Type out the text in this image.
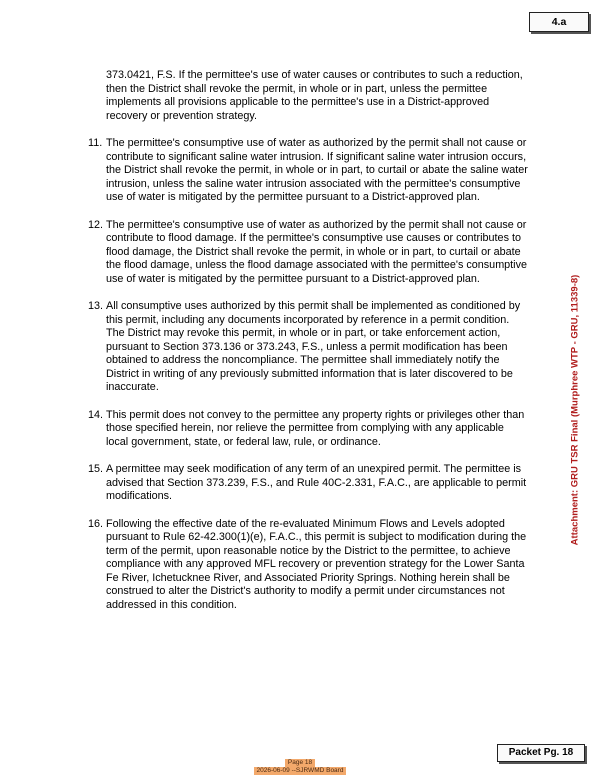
4.a

373.0421, F.S. If the permittee's use of water causes or contributes to such a reduction, then the District shall revoke the permit, in whole or in part, unless the permittee implements all provisions applicable to the permittee's use in a District-approved recovery or prevention strategy.

11. The permittee's consumptive use of water as authorized by the permit shall not cause or contribute to significant saline water intrusion. If significant saline water intrusion occurs, the District shall revoke the permit, in whole or in part, to curtail or abate the saline water intrusion, unless the saline water intrusion associated with the permittee's consumptive use of water is mitigated by the permittee pursuant to a District-approved plan.
12. The permittee's consumptive use of water as authorized by the permit shall not cause or contribute to flood damage. If the permittee's consumptive use causes or contributes to flood damage, the District shall revoke the permit, in whole or in part, to curtail or abate the flood damage, unless the flood damage associated with the permittee's consumptive use of water is mitigated by the permittee pursuant to a District-approved plan.
13. All consumptive uses authorized by this permit shall be implemented as conditioned by this permit, including any documents incorporated by reference in a permit condition. The District may revoke this permit, in whole or in part, or take enforcement action, pursuant to Section 373.136 or 373.243, F.S., unless a permit modification has been obtained to address the noncompliance. The permittee shall immediately notify the District in writing of any previously submitted information that is later discovered to be inaccurate.
14. This permit does not convey to the permittee any property rights or privileges other than those specified herein, nor relieve the permittee from complying with any applicable local government, state, or federal law, rule, or ordinance.
15. A permittee may seek modification of any term of an unexpired permit. The permittee is advised that Section 373.239, F.S., and Rule 40C-2.331, F.A.C., are applicable to permit modifications.
16. Following the effective date of the re-evaluated Minimum Flows and Levels adopted pursuant to Rule 62-42.300(1)(e), F.A.C., this permit is subject to modification during the term of the permit, upon reasonable notice by the District to the permittee, to achieve compliance with any approved MFL recovery or prevention strategy for the Lower Santa Fe River, Ichetucknee River, and Associated Priority Springs. Nothing herein shall be construed to alter the District's authority to modify a permit under circumstances not addressed in this condition.
Attachment: GRU TSR Final (Murphree WTP - GRU, 11339-8)
Packet Pg. 18
Page 18
2026-06-09 --SJRWMD Board
